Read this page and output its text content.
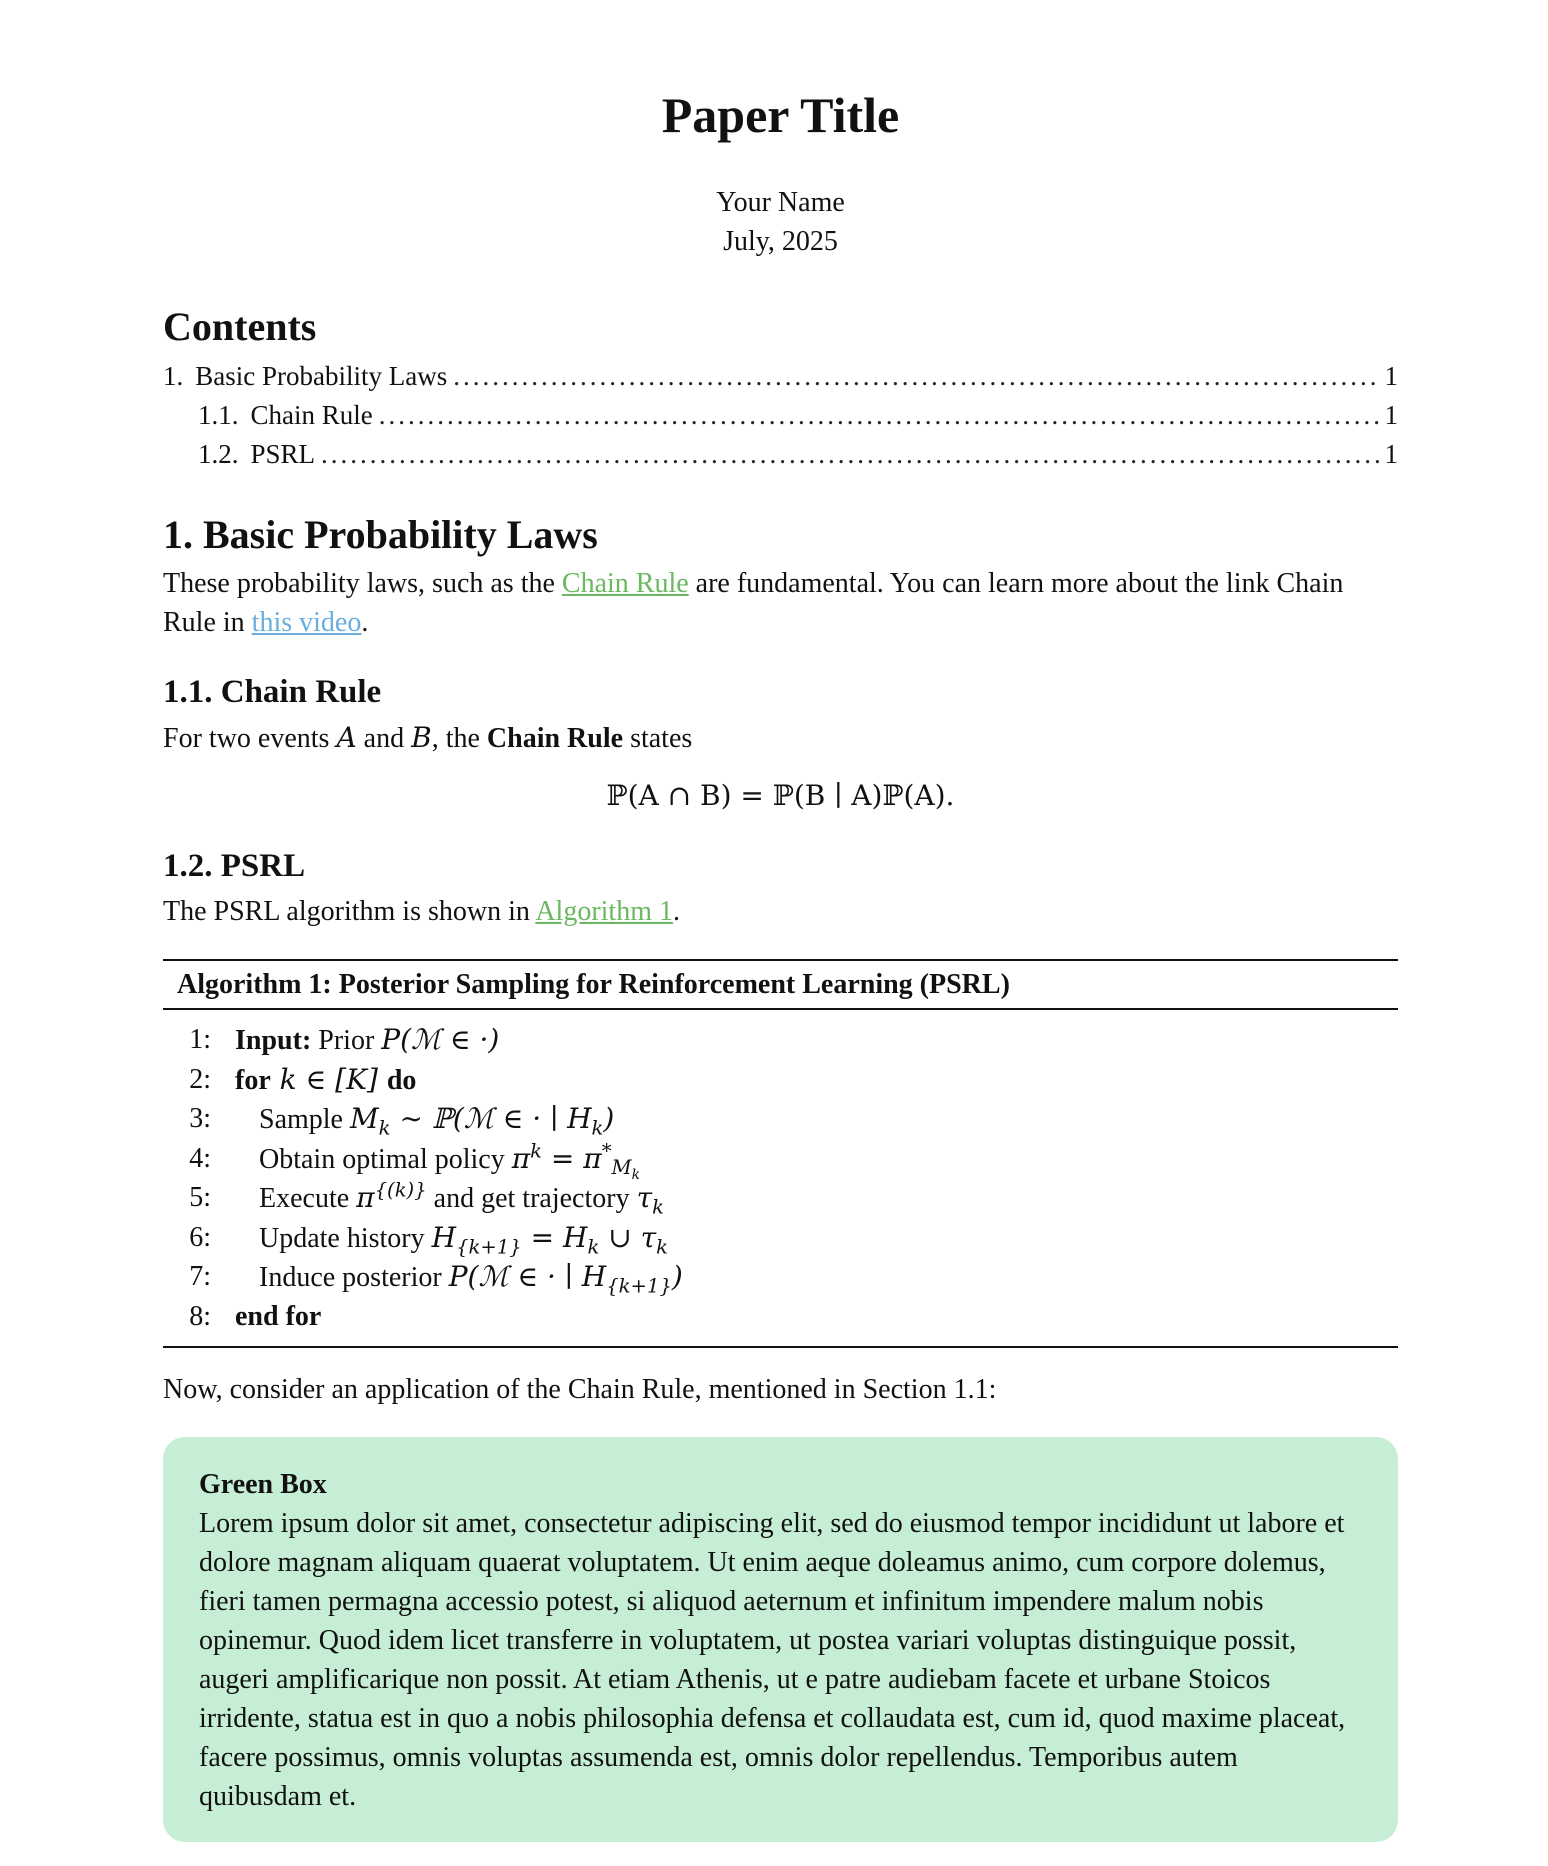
Paper Title
Your Name
July, 2025
Contents
1. Basic Probability Laws .....	1
1.1. Chain Rule .....	1
1.2. PSRL .....	1
1. Basic Probability Laws

These probability laws, such as the Chain Rule are fundamental. You can learn more about the link Chain Rule in this video.

1.1. Chain Rule

For two events A and B, the Chain Rule states

ℙ(A ∩ B) = ℙ(B ∣ A)ℙ(A).
1.2. PSRL

The PSRL algorithm is shown in Algorithm 1.

Algorithm 1: Posterior Sampling for Reinforcement Learning (PSRL)
1: Input: Prior P(ℳ ∈ ·)
2: for k ∈ [K] do
3:	Sample $M_k$ ∼ ℙ(ℳ ∈ · ∣ $H_k$)
4:	Obtain optimal policy $\pi^k = \pi^*_{M_k}$
5:	Execute $\pi^{\{(k)\}}$ and get trajectory $\tau_k$
6:	Update history $H_{\{k+1\}} = H_k$ ∪ $\tau_k$
7:	Induce posterior P(ℳ ∈ · ∣ $H_{\{k+1\}}$)
8: end for

Now, consider an application of the Chain Rule, mentioned in Section 1.1:

Green Box

Lorem ipsum dolor sit amet, consectetur adipiscing elit, sed do eiusmod tempor incididunt ut labore et dolore magnam aliquam quaerat voluptatem. Ut enim aeque doleamus animo, cum corpore dolemus, fieri tamen permagna accessio potest, si aliquod aeternum et infinitum impendere malum nobis opinemur. Quod idem licet transferre in voluptatem, ut postea variari voluptas distinguique possit, augeri amplificarique non possit. At etiam Athenis, ut e patre audiebam facete et urbane Stoicos irridente, statua est in quo a nobis philosophia defensa et collaudata est, cum id, quod maxime placeat, facere possimus, omnis voluptas assumenda est, omnis dolor repellendus. Temporibus autem quibusdam et.
